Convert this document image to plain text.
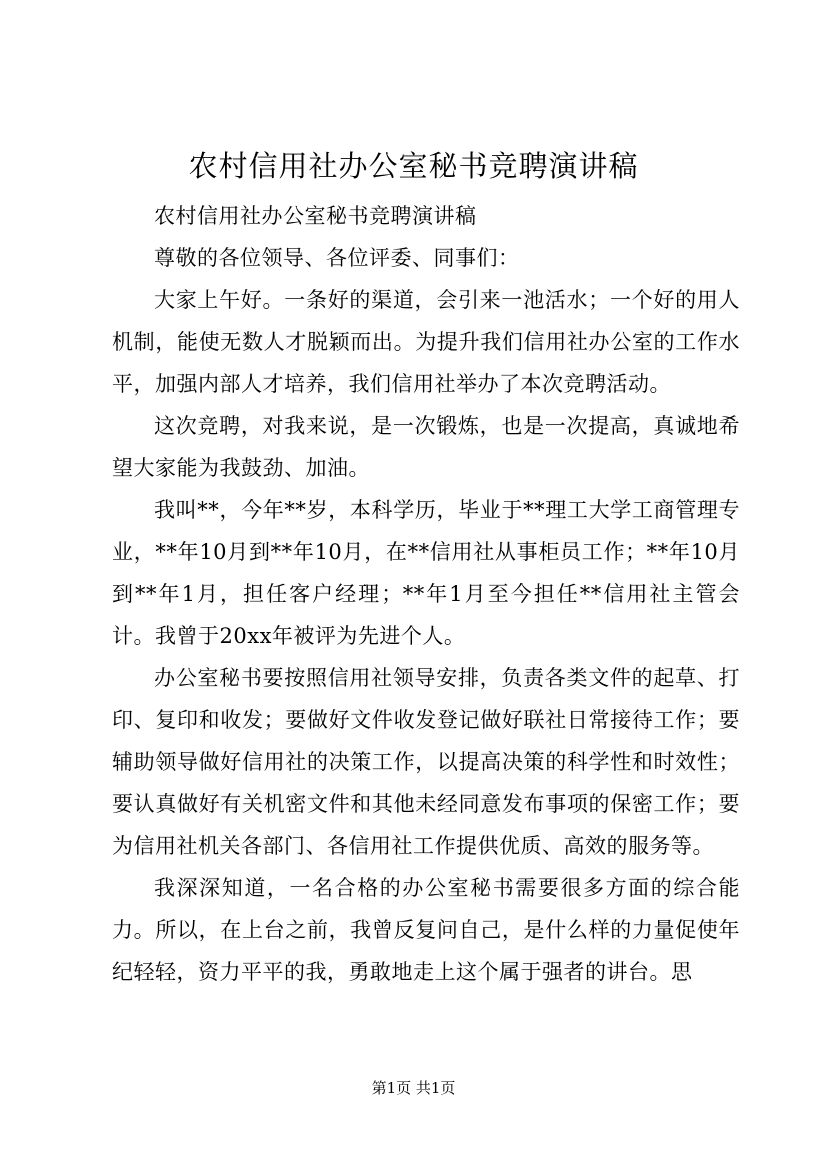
农村信用社办公室秘书竞聘演讲稿

农村信用社办公室秘书竞聘演讲稿

尊敬的各位领导、各位评委、同事们：

大家上午好。一条好的渠道，会引来一池活水；一个好的用人机制，能使无数人才脱颖而出。为提升我们信用社办公室的工作水平，加强内部人才培养，我们信用社举办了本次竞聘活动。

这次竞聘，对我来说，是一次锻炼，也是一次提高，真诚地希望大家能为我鼓劲、加油。

我叫**，今年**岁，本科学历，毕业于**理工大学工商管理专业，**年10月到**年10月，在**信用社从事柜员工作；**年10月到**年1月，担任客户经理；**年1月至今担任**信用社主管会计。我曾于20xx年被评为先进个人。

办公室秘书要按照信用社领导安排，负责各类文件的起草、打印、复印和收发；要做好文件收发登记做好联社日常接待工作；要辅助领导做好信用社的决策工作，以提高决策的科学性和时效性；要认真做好有关机密文件和其他未经同意发布事项的保密工作；要为信用社机关各部门、各信用社工作提供优质、高效的服务等。

我深深知道，一名合格的办公室秘书需要很多方面的综合能力。所以，在上台之前，我曾反复问自己，是什么样的力量促使年纪轻轻，资力平平的我，勇敢地走上这个属于强者的讲台。思

第1页 共1页
